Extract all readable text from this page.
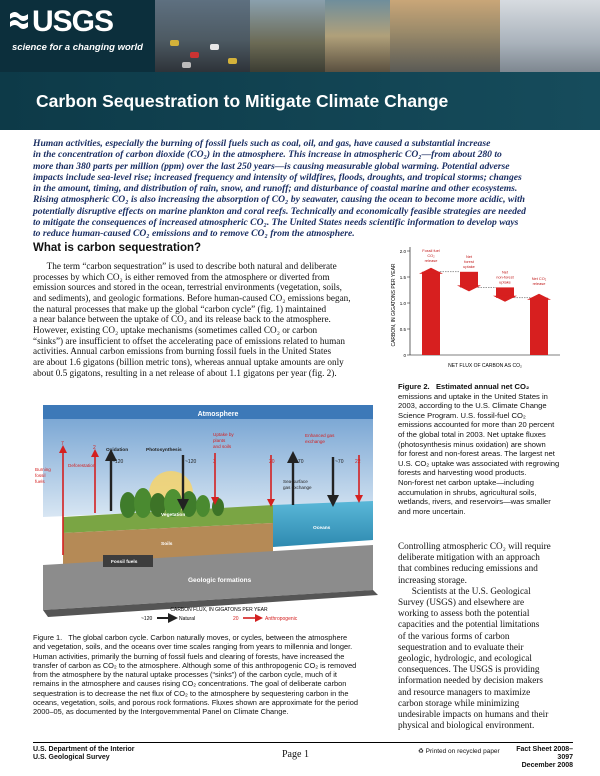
USGS
science for a changing world
Carbon Sequestration to Mitigate Climate Change

Human activities, especially the burning of fossil fuels such as coal, oil, and gas, have caused a substantial increase

in the concentration of carbon dioxide (CO₂) in the atmosphere. This increase in atmospheric CO₂—from about 280 to

more than 380 parts per million (ppm) over the last 250 years—is causing measurable global warming. Potential adverse

impacts include sea-level rise; increased frequency and intensity of wildfires, floods, droughts, and tropical storms; changes

in the amount, timing, and distribution of rain, snow, and runoff; and disturbance of coastal marine and other ecosystems.

Rising atmospheric CO₂ is also increasing the absorption of CO₂ by seawater, causing the ocean to become more acidic, with

potentially disruptive effects on marine plankton and coral reefs. Technically and economically feasible strategies are needed

to mitigate the consequences of increased atmospheric CO₂. The United States needs scientific information to develop ways

to reduce human-caused CO₂ emissions and to remove CO₂ from the atmosphere.

What is carbon sequestration?

The term “carbon sequestration” is used to describe both natural and deliberate

processes by which CO₂ is either removed from the atmosphere or diverted from

emission sources and stored in the ocean, terrestrial environments (vegetation, soils,

and sediments), and geologic formations. Before human-caused CO₂ emissions began,

the natural processes that make up the global “carbon cycle” (fig. 1) maintained

a near balance between the uptake of CO₂ and its release back to the atmosphere.

However, existing CO₂ uptake mechanisms (sometimes called CO₂ or carbon

“sinks”) are insufficient to offset the accelerating pace of emissions related to human

activities. Annual carbon emissions from burning fossil fuels in the United States

are about 1.6 gigatons (billion metric tons), whereas annual uptake amounts are only

about 0.5 gigatons, resulting in a net release of about 1.1 gigatons per year (fig. 2).

CARBON, IN GIGATONS PER YEAR
2.0
1.5
1.0
0.5
0
Fossil fuel
CO₂
release
Net
forest
uptake
Net
non-forest
uptake
Net CO₂
release
NET FLUX OF CARBON AS CO₂

Figure 2.   Estimated annual net CO₂

emissions and uptake in the United States in

2003, according to the U.S. Climate Change

Science Program. U.S. fossil-fuel CO₂

emissions accounted for more than 20 percent

of the global total in 2003. Net uptake fluxes

(photosynthesis minus oxidation) are shown

for forest and non-forest areas. The largest net

U.S. CO₂ uptake was associated with regrowing

forests and harvesting wood products.

Non-forest net carbon uptake—including

accumulation in shrubs, agricultural soils,

wetlands, rivers, and reservoirs—was smaller

and more uncertain.

Atmosphere
Oxidation	Photosynthesis
Uptake by
plants
and soils
Enhanced gas
exchange
Sea-surface
gas exchange
Burning
fossil
fuels
Deforestation
Vegetation
Soils
Oceans
Fossil fuels
Geologic formations
7
2
~120	~120	3	20	~70	~70 22
CARBON FLUX, IN GIGATONS PER YEAR
~120	Natural	20	Anthropogenic

Figure 1.   The global carbon cycle. Carbon naturally moves, or cycles, between the atmosphere

and vegetation, soils, and the oceans over time scales ranging from years to millennia and longer.

Human activities, primarily the burning of fossil fuels and clearing of forests, have increased the

transfer of carbon as CO₂ to the atmosphere. Although some of this anthropogenic CO₂ is removed

from the atmosphere by the natural uptake processes (“sinks”) of the carbon cycle, much of it

remains in the atmosphere and causes rising CO₂ concentrations. The goal of deliberate carbon

sequestration is to decrease the net flux of CO₂ to the atmosphere by sequestering carbon in the

oceans, vegetation, soils, and porous rock formations. Fluxes shown are approximate for the period

2000–05, as documented by the Intergovernmental Panel on Climate Change.

Controlling atmospheric CO₂ will require

deliberate mitigation with an approach

that combines reducing emissions and

increasing storage.

Scientists at the U.S. Geological

Survey (USGS) and elsewhere are

working to assess both the potential

capacities and the potential limitations

of the various forms of carbon

sequestration and to evaluate their

geologic, hydrologic, and ecological

consequences. The USGS is providing

information needed by decision makers

and resource managers to maximize

carbon storage while minimizing

undesirable impacts on humans and their

physical and biological environment.

U.S. Department of the Interior
U.S. Geological Survey	Page 1	♻ Printed on recycled paper	Fact Sheet 2008–3097
December 2008
